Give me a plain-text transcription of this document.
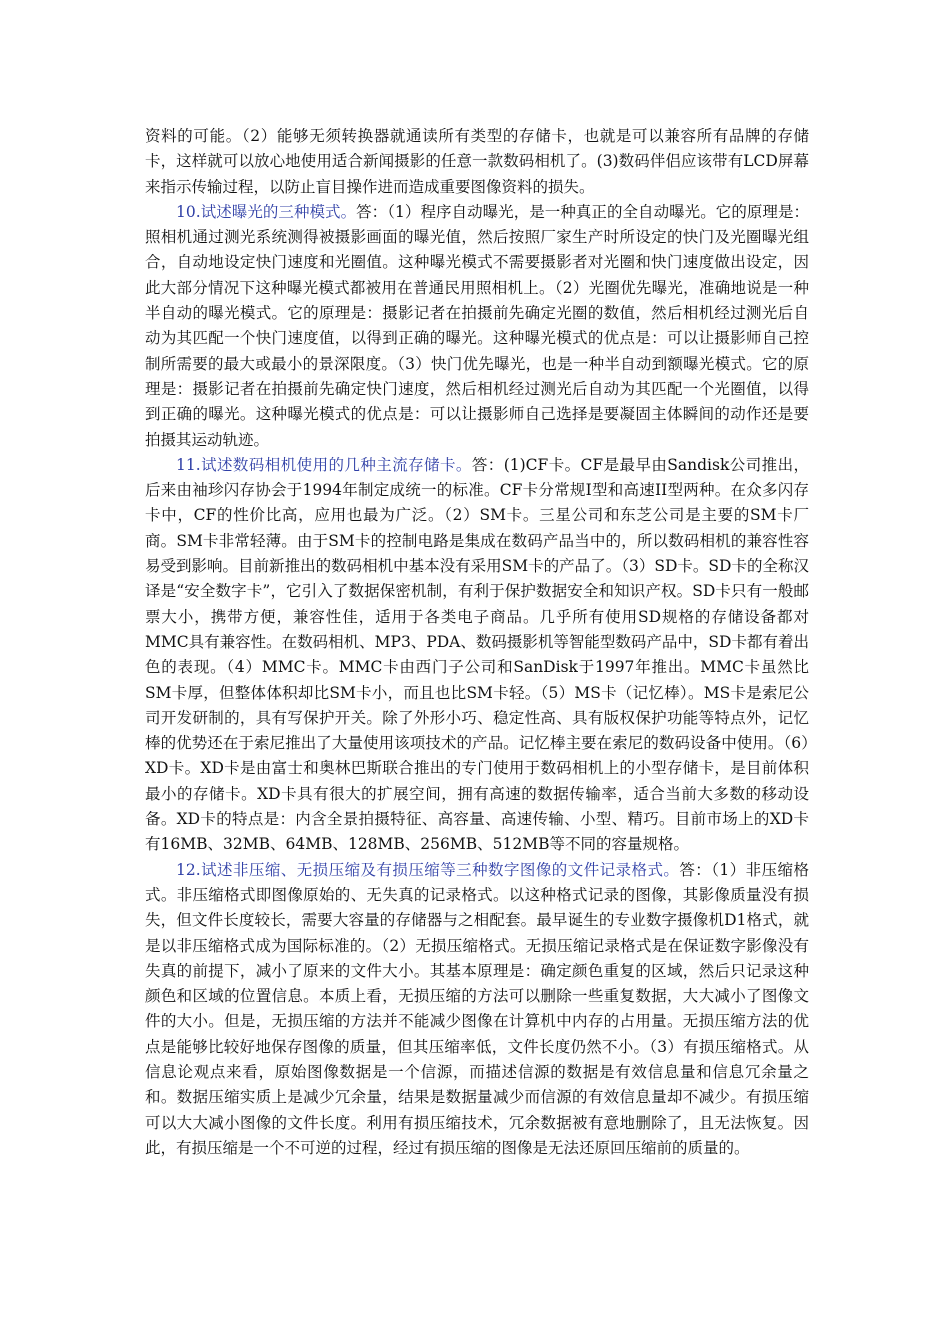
资料的可能。（2）能够无须转换器就通读所有类型的存储卡，也就是可以兼容所有品牌的存储卡，这样就可以放心地使用适合新闻摄影的任意一款数码相机了。(3)数码伴侣应该带有LCD屏幕来指示传输过程，以防止盲目操作进而造成重要图像资料的损失。

10.试述曝光的三种模式。答：（1）程序自动曝光，是一种真正的全自动曝光。它的原理是：照相机通过测光系统测得被摄影画面的曝光值，然后按照厂家生产时所设定的快门及光圈曝光组合，自动地设定快门速度和光圈值。这种曝光模式不需要摄影者对光圈和快门速度做出设定，因此大部分情况下这种曝光模式都被用在普通民用照相机上。（2）光圈优先曝光，准确地说是一种半自动的曝光模式。它的原理是：摄影记者在拍摄前先确定光圈的数值，然后相机经过测光后自动为其匹配一个快门速度值，以得到正确的曝光。这种曝光模式的优点是：可以让摄影师自己控制所需要的最大或最小的景深限度。（3）快门优先曝光，也是一种半自动到额曝光模式。它的原理是：摄影记者在拍摄前先确定快门速度，然后相机经过测光后自动为其匹配一个光圈值，以得到正确的曝光。这种曝光模式的优点是：可以让摄影师自己选择是要凝固主体瞬间的动作还是要拍摄其运动轨迹。

11.试述数码相机使用的几种主流存储卡。答：(1)CF卡。CF是最早由Sandisk公司推出，后来由袖珍闪存协会于1994年制定成统一的标准。CF卡分常规I型和高速II型两种。在众多闪存卡中，CF的性价比高，应用也最为广泛。（2）SM卡。三星公司和东芝公司是主要的SM卡厂商。SM卡非常轻薄。由于SM卡的控制电路是集成在数码产品当中的，所以数码相机的兼容性容易受到影响。目前新推出的数码相机中基本没有采用SM卡的产品了。（3）SD卡。SD卡的全称汉译是“安全数字卡”，它引入了数据保密机制，有利于保护数据安全和知识产权。SD卡只有一般邮票大小，携带方便，兼容性佳，适用于各类电子商品。几乎所有使用SD规格的存储设备都对MMC具有兼容性。在数码相机、MP3、PDA、数码摄影机等智能型数码产品中，SD卡都有着出色的表现。（4）MMC卡。MMC卡由西门子公司和SanDisk于1997年推出。MMC卡虽然比SM卡厚，但整体体积却比SM卡小，而且也比SM卡轻。（5）MS卡（记忆棒）。MS卡是索尼公司开发研制的，具有写保护开关。除了外形小巧、稳定性高、具有版权保护功能等特点外，记忆棒的优势还在于索尼推出了大量使用该项技术的产品。记忆棒主要在索尼的数码设备中使用。（6）XD卡。XD卡是由富士和奥林巴斯联合推出的专门使用于数码相机上的小型存储卡，是目前体积最小的存储卡。XD卡具有很大的扩展空间，拥有高速的数据传输率，适合当前大多数的移动设备。XD卡的特点是：内含全景拍摄特征、高容量、高速传输、小型、精巧。目前市场上的XD卡有16MB、32MB、64MB、128MB、256MB、512MB等不同的容量规格。

12.试述非压缩、无损压缩及有损压缩等三种数字图像的文件记录格式。答：（1）非压缩格式。非压缩格式即图像原始的、无失真的记录格式。以这种格式记录的图像，其影像质量没有损失，但文件长度较长，需要大容量的存储器与之相配套。最早诞生的专业数字摄像机D1格式，就是以非压缩格式成为国际标准的。（2）无损压缩格式。无损压缩记录格式是在保证数字影像没有失真的前提下，减小了原来的文件大小。其基本原理是：确定颜色重复的区域，然后只记录这种颜色和区域的位置信息。本质上看，无损压缩的方法可以删除一些重复数据，大大减小了图像文件的大小。但是，无损压缩的方法并不能减少图像在计算机中内存的占用量。无损压缩方法的优点是能够比较好地保存图像的质量，但其压缩率低，文件长度仍然不小。（3）有损压缩格式。从信息论观点来看，原始图像数据是一个信源，而描述信源的数据是有效信息量和信息冗余量之和。数据压缩实质上是减少冗余量，结果是数据量减少而信源的有效信息量却不减少。有损压缩可以大大减小图像的文件长度。利用有损压缩技术，冗余数据被有意地删除了，且无法恢复。因此，有损压缩是一个不可逆的过程，经过有损压缩的图像是无法还原回压缩前的质量的。
